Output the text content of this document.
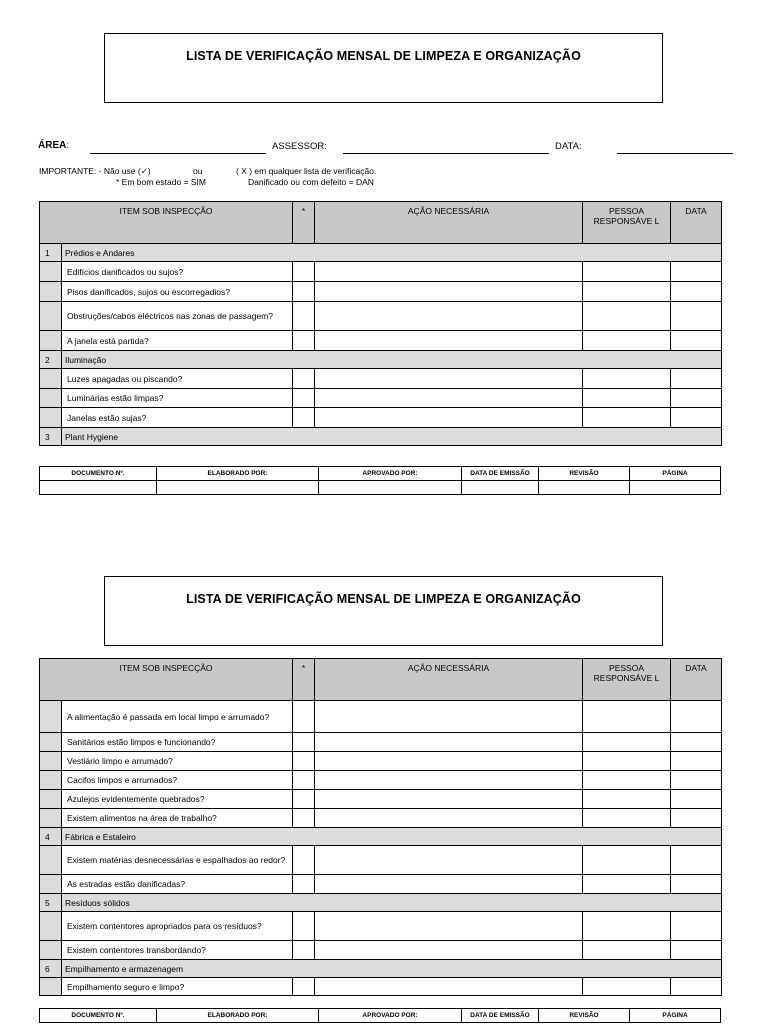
LISTA DE VERIFICAÇÃO MENSAL DE LIMPEZA E ORGANIZAÇÃO
ÁREA:	ASSESSOR:	DATA:
IMPORTANTE: - Não use (✓)	ou	( X ) em qualquer lista de verificação.
* Em bom estado = SIM	Danificado ou com defeito = DAN
ITEM SOB INSPECÇÃO		*	AÇÃO NECESSÁRIA	PESSOA RESPONSÁVE L	DATA
1	Prédios e Andares				
	Edifícios danificados ou sujos?				
	Pisos danificados, sujos ou escorregadios?				
	Obstruções/cabos eléctricos nas zonas de passagem?				
	A janela está partida?				
2	Iluminação				
	Luzes apagadas ou piscando?				
	Luminárias estão limpas?				
	Janelas estão sujas?				
3	Plant Hygiene				
DOCUMENTO Nº.	ELABORADO POR:	APROVADO POR:	DATA DE EMISSÃO	REVISÃO	PÁGINA

LISTA DE VERIFICAÇÃO MENSAL DE LIMPEZA E ORGANIZAÇÃO
ITEM SOB INSPECÇÃO		*	AÇÃO NECESSÁRIA	PESSOA RESPONSÁVE L	DATA
	A alimentação é passada em local limpo e arrumado?				
	Sanitários estão limpos e funcionando?				
	Vestiário limpo e arrumado?				
	Cacifos limpos e arrumados?				
	Azulejos evidentemente quebrados?				
	Existem alimentos na área de trabalho?				
4	Fábrica e Estaleiro				
	Existem matérias desnecessárias e espalhados ao redor?				
	As estradas estão danificadas?				
5	Resíduos sólidos				
	Existem contentores apropriados para os resíduos?				
	Existem contentores transbordando?				
6	Empilhamento e armazenagem				
	Empilhamento seguro e limpo?				
DOCUMENTO Nº.	ELABORADO POR:	APROVADO POR:	DATA DE EMISSÃO	REVISÃO	PÁGINA
